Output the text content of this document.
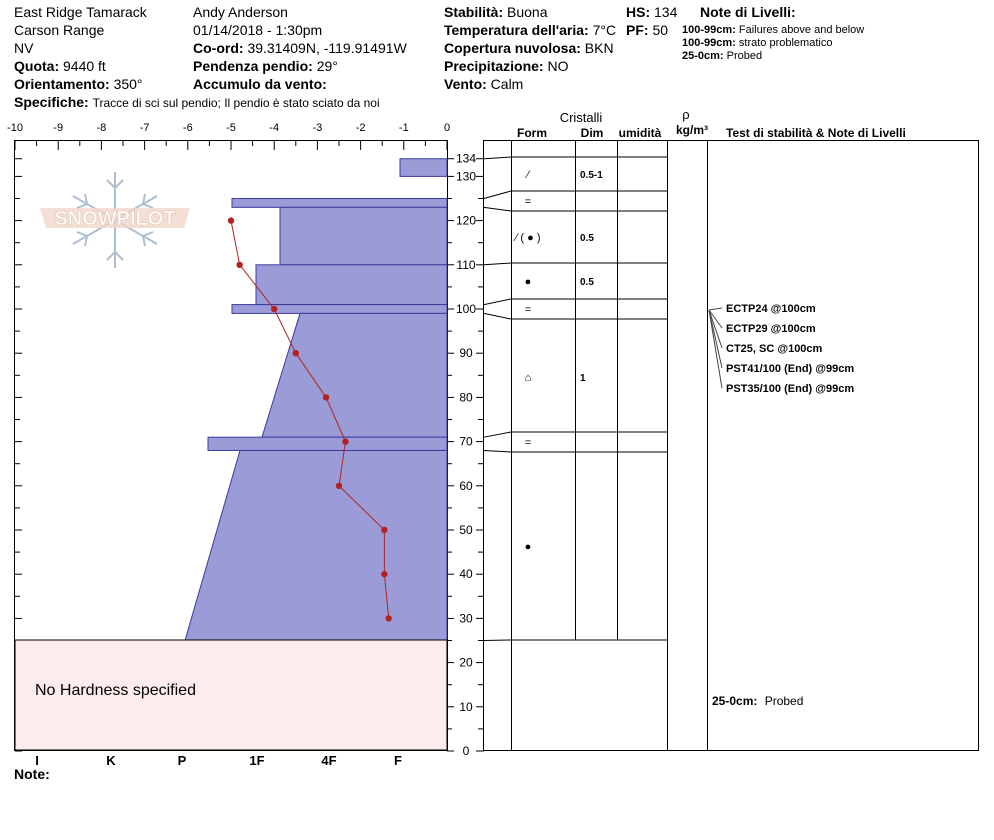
East Ridge Tamarack
Carson Range
NV
Quota: 9440 ft
Orientamento: 350°
Specifiche: Tracce di sci sul pendio; Il pendio è stato sciato da noi
Andy Anderson
01/14/2018 - 1:30pm
Co-ord: 39.31409N, -119.91491W
Pendenza pendio: 29°
Accumulo da vento:
Stabilità: Buona
Temperatura dell'aria: 7°C
Copertura nuvolosa: BKN
Precipitazione: NO
Vento: Calm
HS: 134
PF: 50
Note di Livelli:
100-99cm: Failures above and below
100-99cm: strato problematico
25-0cm: Probed
-10	-9	-8	-7	-6	-5	-4	-3	-2	-1	0
134
130
120
110
100
90
80
70
60
50
40
30
20
10
0
No Hardness specified
I	K	P	1F	4F	F
Note:
SNOWPILOT
⁄	0.5-1
=
⁄ ( ● )	0.5
●	0.5
=
⌂	1
=
●
Cristalli
Form	Dim umidità
ρ
kg/m³ Test di stabilità & Note di Livelli
ECTP24 @100cm
ECTP29 @100cm
CT25, SC @100cm
PST41/100 (End) @99cm
PST35/100 (End) @99cm
25-0cm: Probed
